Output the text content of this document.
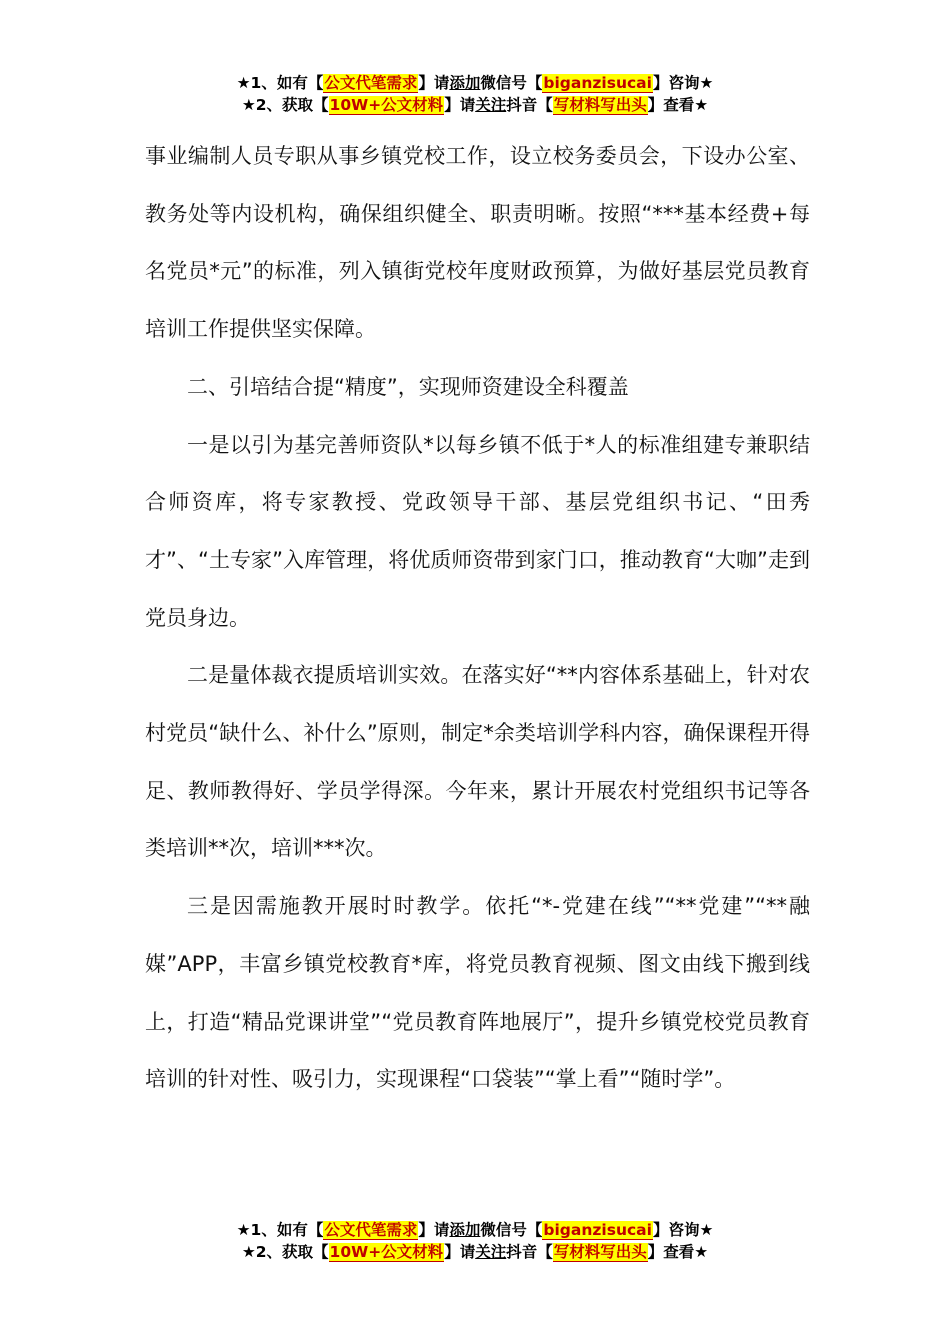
★1、如有【公文代笔需求】请添加微信号【biganzisucai】咨询★
★2、获取【10W+公文材料】请关注抖音【写材料写出头】查看★

事业编制人员专职从事乡镇党校工作，设立校务委员会，下设办公室、教务处等内设机构，确保组织健全、职责明晰。按照“***基本经费+每名党员*元”的标准，列入镇街党校年度财政预算，为做好基层党员教育培训工作提供坚实保障。

二、引培结合提“精度”，实现师资建设全科覆盖

一是以引为基完善师资队*以每乡镇不低于*人的标准组建专兼职结合师资库，将专家教授、党政领导干部、基层党组织书记、“田秀才”、“土专家”入库管理，将优质师资带到家门口，推动教育“大咖”走到党员身边。

二是量体裁衣提质培训实效。在落实好“**内容体系基础上，针对农村党员“缺什么、补什么”原则，制定*余类培训学科内容，确保课程开得足、教师教得好、学员学得深。今年来，累计开展农村党组织书记等各类培训**次，培训***次。

三是因需施教开展时时教学。依托“*-党建在线”“**党建”“**融媒”APP，丰富乡镇党校教育*库，将党员教育视频、图文由线下搬到线上，打造“精品党课讲堂”“党员教育阵地展厅”，提升乡镇党校党员教育培训的针对性、吸引力，实现课程“口袋装”“掌上看”“随时学”。

★1、如有【公文代笔需求】请添加微信号【biganzisucai】咨询★
★2、获取【10W+公文材料】请关注抖音【写材料写出头】查看★
